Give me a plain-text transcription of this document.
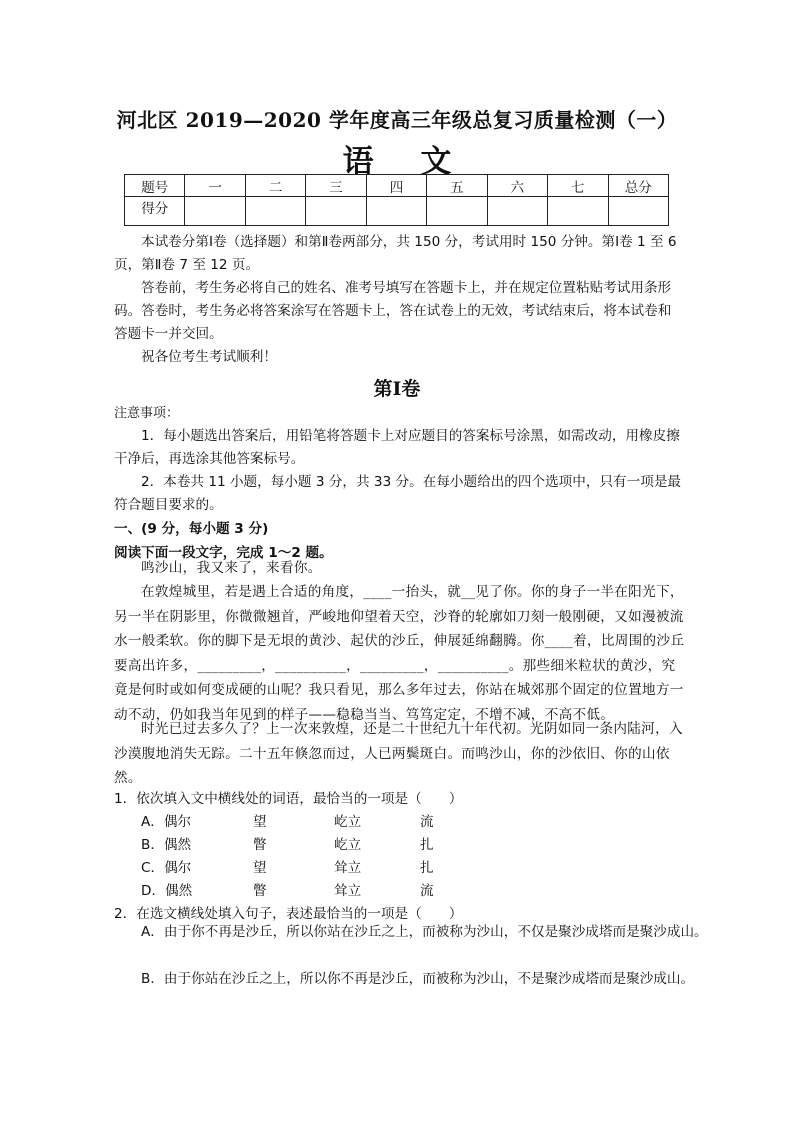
河北区 2019—2020 学年度高三年级总复习质量检测（一）
语 文
题号	一	二	三	四	五	六	七	总分
得分								

本试卷分第Ⅰ卷（选择题）和第Ⅱ卷两部分，共 150 分，考试用时 150 分钟。第Ⅰ卷 1 至 6 页，第Ⅱ卷 7 至 12 页。

答卷前，考生务必将自己的姓名、准考号填写在答题卡上，并在规定位置粘贴考试用条形码。答卷时，考生务必将答案涂写在答题卡上，答在试卷上的无效，考试结束后，将本试卷和答题卡一并交回。

祝各位考生考试顺利！

第Ⅰ卷
注意事项：

1．每小题选出答案后，用铅笔将答题卡上对应题目的答案标号涂黑，如需改动，用橡皮擦干净后，再选涂其他答案标号。

2．本卷共 11 小题，每小题 3 分，共 33 分。在每小题给出的四个选项中，只有一项是最符合题目要求的。

一、(9 分，每小题 3 分)
阅读下面一段文字，完成 1～2 题。

鸣沙山，我又来了，来看你。

在敦煌城里，若是遇上合适的角度，____一抬头，就__见了你。你的身子一半在阳光下，另一半在阴影里，你微微翘首，严峻地仰望着天空，沙脊的轮廓如刀刻一般刚硬，又如漫被流水一般柔软。你的脚下是无垠的黄沙、起伏的沙丘，伸展延绵翻腾。你____着，比周围的沙丘要高出许多，_________，__________，_________，__________。那些细米粒状的黄沙，究竟是何时或如何变成硬的山呢？我只看见，那么多年过去，你站在城郊那个固定的位置地方一动不动，仍如我当年见到的样子——稳稳当当、笃笃定定，不增不减，不高不低。

时光已过去多久了？上一次来敦煌，还是二十世纪九十年代初。光阴如同一条内陆河，入沙漠腹地消失无踪。二十五年倏忽而过，人已两鬓斑白。而鸣沙山，你的沙依旧、你的山依然。

1．依次填入文中横线处的词语，最恰当的一项是（　　）
A．偶尔	望	屹立	流
B．偶然	瞥	屹立	扎
C．偶尔	望	耸立	扎
D．偶然	瞥	耸立	流
2．在选文横线处填入句子，表述最恰当的一项是（　　）

A．由于你不再是沙丘，所以你站在沙丘之上，而被称为沙山，不仅是聚沙成塔而是聚沙成山。

B．由于你站在沙丘之上，所以你不再是沙丘，而被称为沙山，不是聚沙成塔而是聚沙成山。
